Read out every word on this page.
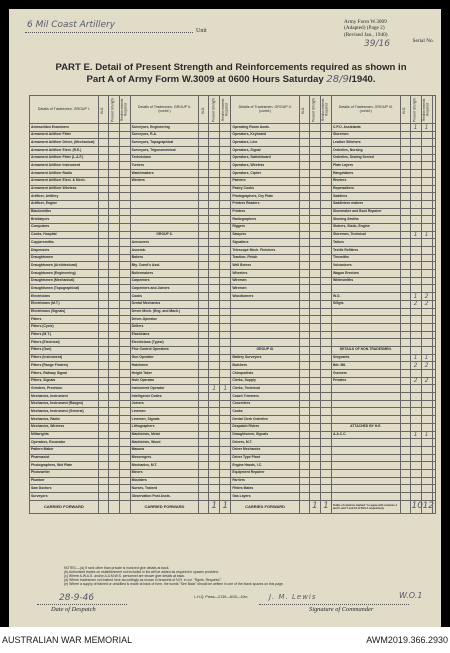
6 Mil Coast Artillery
Unit
Army Form W.3009
(Adapted) (Page 2)
(Revised Jan., 1940)
Serial No.
39/16
PART E. Detail of Present Strength and Reinforcements required as shown in
Part A of Army Form W.3009 at 0600 Hours Saturday 28/9/1940.
Details of Tradesmen. GROUP I.	W.O.	Present Strength	Reinforcements Required	Details of Tradesmen. GROUP II. (contd.)	W.O.	Present Strength	Reinforcements Required	Details of Tradesmen. GROUP II. (contd.)	W.O.	Present Strength	Reinforcements Required	Details of Tradesmen. GROUP III. (contd.)	W.O.	Present Strength	Reinforcements Required	
Ammunition Examiners				Surveyors, Engineering				Operating Room Assts.				C.P.O. Assistants		1	1	
Armament Artificer Fitter				Surveyors, R.A.				Operators, Keyboard				Storemen				
Armament Artificer Driver, (Mechanical)				Surveyors, Topographical				Operators, Line				Leather Stitchers				
Armament Artificer Elect. (R.E.)				Surveyors, Trigonometrical				Operators, Signal				Orderlies, Nursing				
Armament Artificer Fitter (L.A.F.)				Technicians				Operators, Switchboard				Orderlies, Sewing Served				
Armament Artificer Instrument				Turners				Operators, Wireless				Plate Layers				
Armament Artificer Radio				Watchmakers				Operators, Cipher				Rangetakers				
Armament Artificer Elect. & Mech.				Welders				Painters				Riveters				
Armament Artificer Wireless								Pastry Cooks				Ropewalkers				
Artificer, Artillery								Photographers, Dry Plate				Saddlers				
Artificer, Engine								Printers Readers				Saddletree makers				
Blacksmiths								Printers				Shoemaker and Boot Repairer				
Bricklayers								Radiographers				Shoeing Smiths				
Computors								Riggers				Stokers, Static, Engine				
Cooks, Hospital				GROUP II.				Sawyers				Storemen, Technical		1	1	
Coppersmiths				Armourers				Signallers				Tailors				
Dispensers				Assemb.				Telescope Mech. Finishers				Textile Refitters				
Draughtsmen				Bakers				Traction, Finish				Tinsmiths				
Draughtsmen (Architectural)				Bty. Comd's Asst.				Well Borers				Vulcanizers				
Draughtsmen (Engineering)				Boilermakers				Wheelers				Wagon Erectors				
Draughtsmen (Mechanical)				Carpenters				Wiremen				Whitesmiths				
Draughtsmen (Topographical)				Carpenters and Joiners				Wiremen								
Electricians				Cooks				Woodturners				W.O.		1	2	
Electricians (M.T.)				Dental Mechanics								S/Sgts		2	2	
Electricians (Signals)				Driver Mech. (Eng. and Mach.)												
Fitters				Driver-Operator												
Fitters (Cycle)				Drillers												
Fitters (M.T.)				Elasticians												
Fitters (Electrical)				Electricians (Typist)												
Fitters (Gun)				Fine Control Operators				GROUP III.				DETAILS OF NON-TRADESMEN.				
Fitters (Instrument)				Gun Operator				Battery Surveyors				Sergeants		1	1	
Fitters (Range Finders)				Hatchmen				Butchers				Bdr. Mil.		2	2	
Fitters, Railway Signal				Height Taker				Chiropodists				Gunners				
Fitters, Signals				Hole Operator				Clerks, Supply				Privates		2	2	
Grinders, Precision				Instrument Operator		1	1	Clerks, Technical								
Mechanics, Instrument				Intelligence Duties				Coach Trimmers								
Mechanics, Instrument (Ranges)				Joiners				Concreters								
Mechanics, Instrument (General)				Linemen				Cooks								
Mechanics, Radio				Linemen, Signals				Dental Clerk Orderlies								
Mechanics, Wireless				Lithographers				Despatch Riders				ATTACHED BY H.E.				
Millwrights				Machinists, Metal				Draughtsmen, Signals				A.A.C.C.		1	1	
Operators, Excavator				Machinists, Wood				Drivers, M.T.								
Pattern Maker				Masons				Driver Mechanics								
Pharmacist				Messengers				Driver Type Plant								
Photographers, Wet Plate				Mechanics, M.T.				Engine Hands, I.C.								
Photowriter				Miners				Equipment Repairer								
Plumber				Moulders				Farriers								
Saw Doctors				Nurses, Trained				Fitters Mates								
Surveyors				Observation Post Assts.				Gas Layers								
CARRIED FORWARD				CARRIED FORWARD		1	1	CARRIED FORWARD		1	1	Totals of columns marked * to agree with columns 4 and 5, and 7 and 10 of Part A respectively		10	12	
NOTES.—(a) If rank other than private is involved give details at back.
(b) Authorised trades on establishment not included in list will be added as required in spaces provided.
(c) Where A.W.A.S. and/or A.A.M.W.S. personnel are shown give details at back.
(d) Where tradesmen not trained here accordingly as shown in brackets of N.R. in col. "Rgnts. Required."
(e) Where a supply of trained or unskilled is made at back of form, the words "See Back" should be written in one of the blank spaces on this page.
L.H.Q. Press—2139—8/43—10m.
28-9-46
Date of Despatch
J. M. Lewis	W.O.1
Signature of Commander
AUSTRALIAN WAR MEMORIAL	AWM2019.366.2930
